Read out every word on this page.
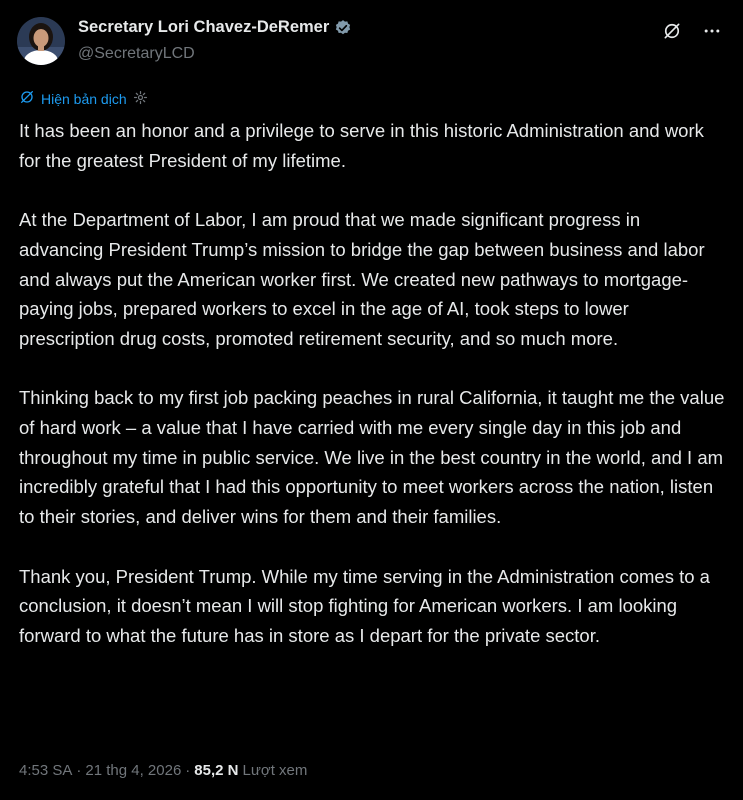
Secretary Lori Chavez-DeRemer
@SecretaryLCD
Hiện bản dịch

It has been an honor and a privilege to serve in this historic Administration and work for the greatest President of my lifetime.

At the Department of Labor, I am proud that we made significant progress in advancing President Trump’s mission to bridge the gap between business and labor and always put the American worker first. We created new pathways to mortgage-paying jobs, prepared workers to excel in the age of AI, took steps to lower prescription drug costs, promoted retirement security, and so much more.

Thinking back to my first job packing peaches in rural California, it taught me the value of hard work – a value that I have carried with me every single day in this job and throughout my time in public service. We live in the best country in the world, and I am incredibly grateful that I had this opportunity to meet workers across the nation, listen to their stories, and deliver wins for them and their families.

Thank you, President Trump. While my time serving in the Administration comes to a conclusion, it doesn’t mean I will stop fighting for American workers. I am looking forward to what the future has in store as I depart for the private sector.

4:53 SA · 21 thg 4, 2026 · 85,2 N Lượt xem
